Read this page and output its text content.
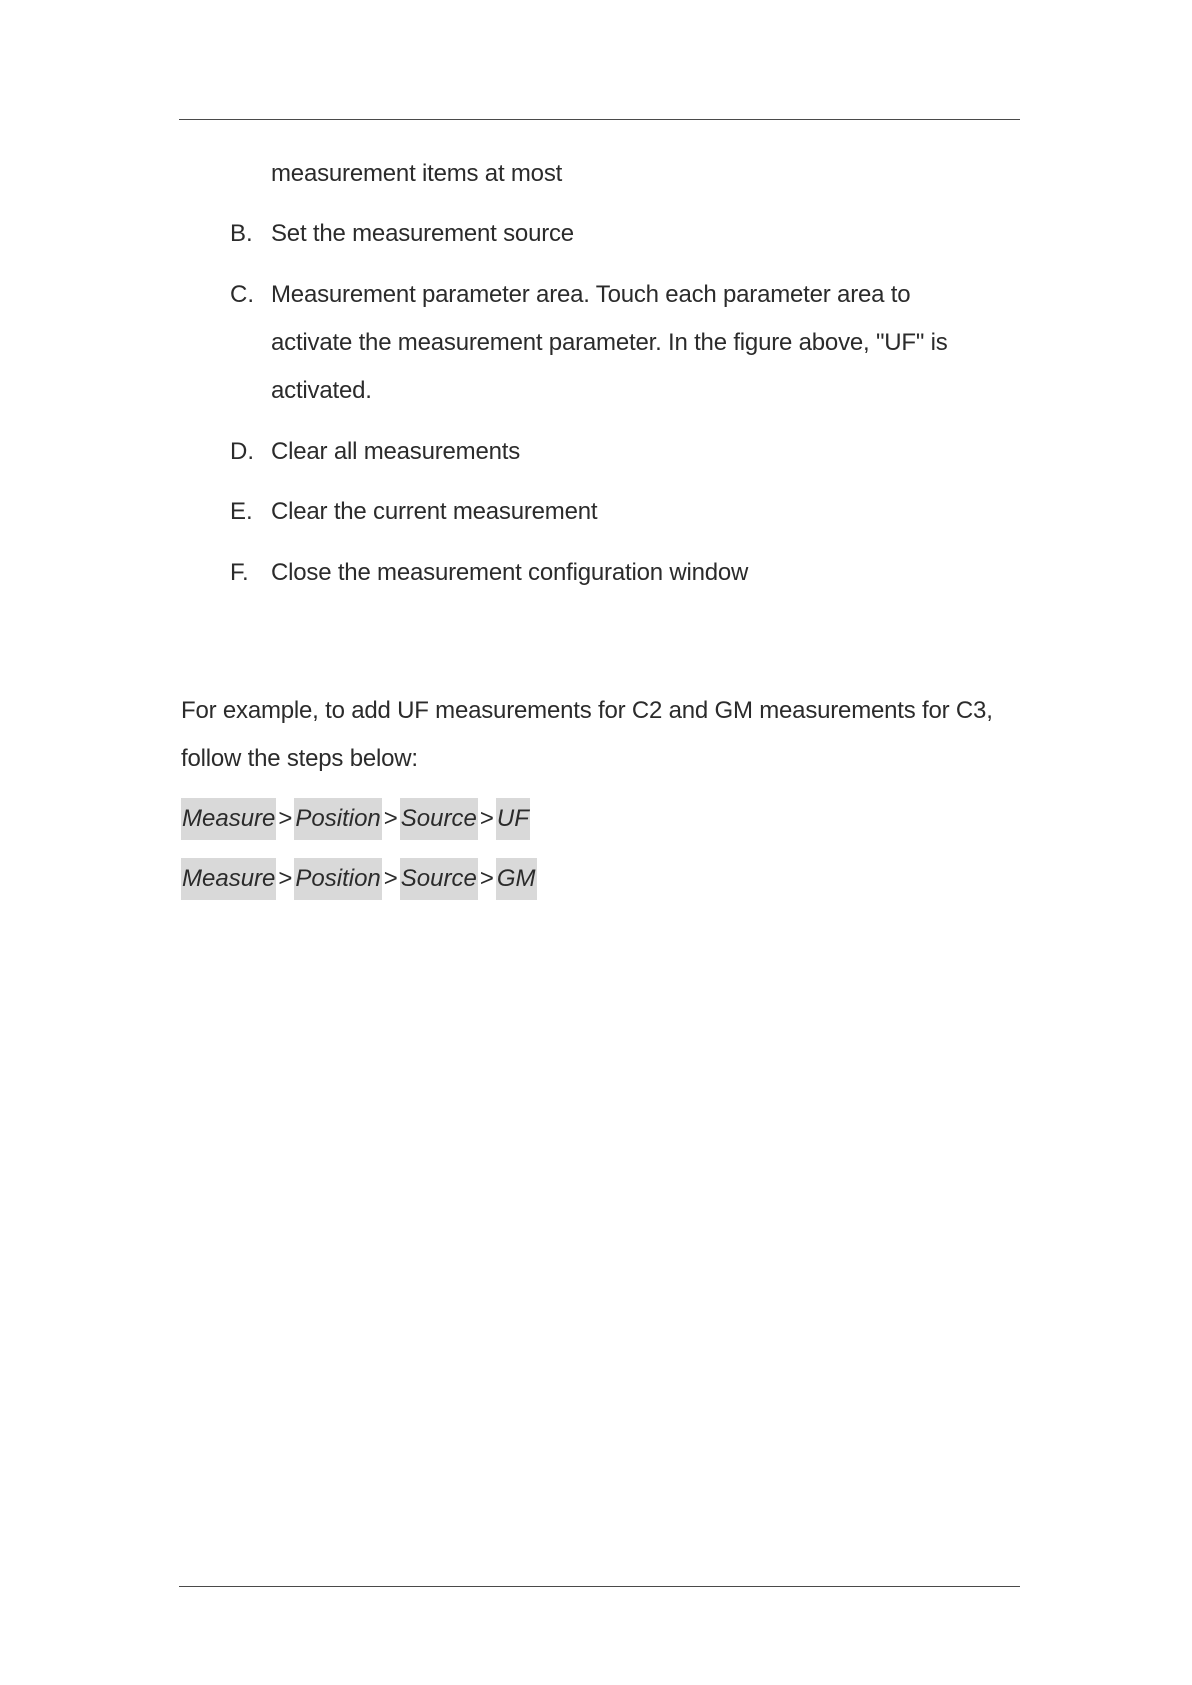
measurement items at most
B. Set the measurement source
C. Measurement parameter area. Touch each parameter area to
activate the measurement parameter. In the figure above, "UF" is
activated.
D. Clear all measurements
E. Clear the current measurement
F. Close the measurement configuration window
For example, to add UF measurements for C2 and GM measurements for C3,
follow the steps below:
Measure > Position > Source > UF
Measure > Position > Source > GM
